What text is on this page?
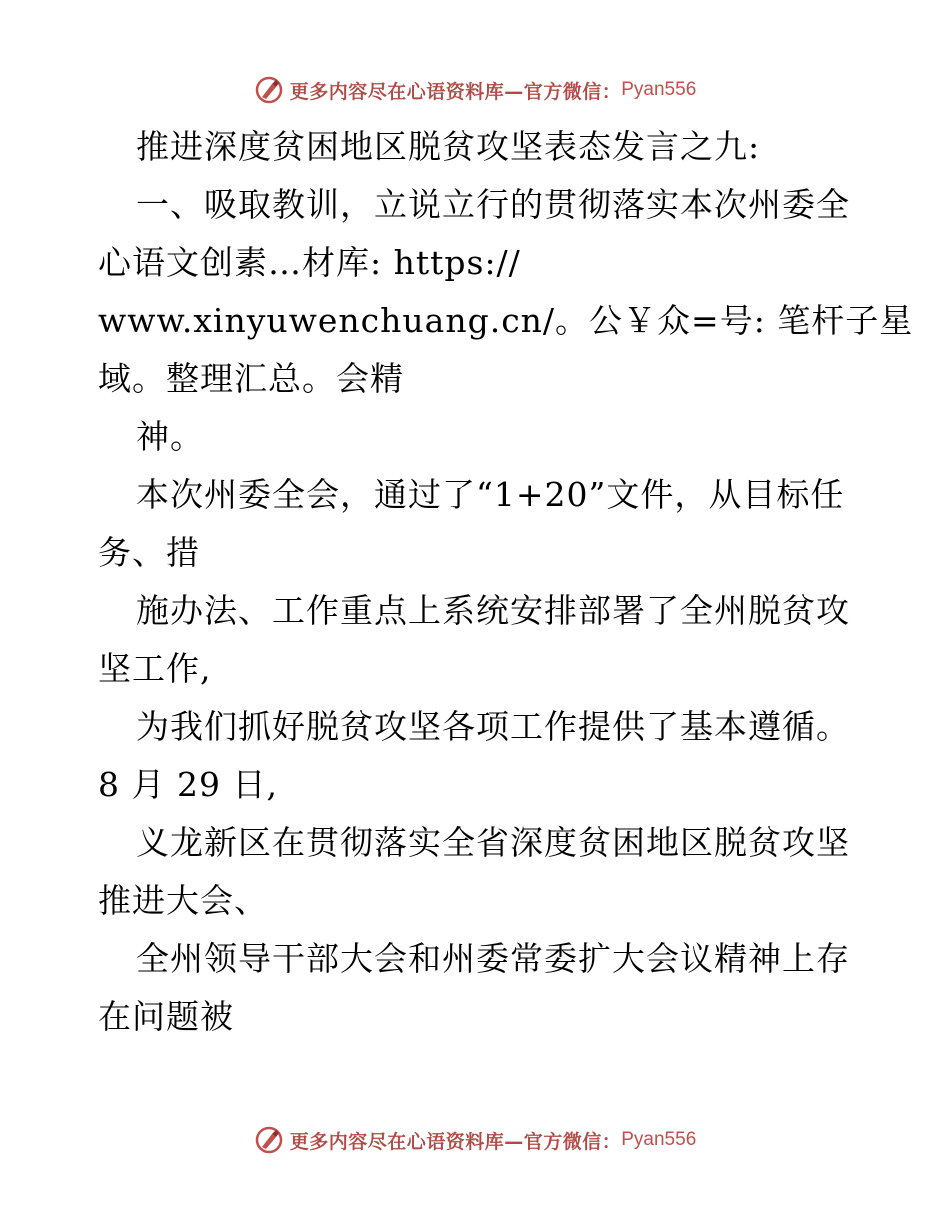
更多内容尽在心语资料库—官方微信： Pyan556
推进深度贫困地区脱贫攻坚表态发言之九:
一、吸取教训，立说立行的贯彻落实本次州委全
心语文创素…材库: https://
www.xinyuwenchuang.cn/。公￥众=号: 笔杆子星
域。整理汇总。会精
神。
本次州委全会，通过了“1+20”文件，从目标任
务、措
施办法、工作重点上系统安排部署了全州脱贫攻
坚工作,
为我们抓好脱贫攻坚各项工作提供了基本遵循。
8 月 29 日,
义龙新区在贯彻落实全省深度贫困地区脱贫攻坚
推进大会、
全州领导干部大会和州委常委扩大会议精神上存
在问题被
更多内容尽在心语资料库—官方微信： Pyan556
